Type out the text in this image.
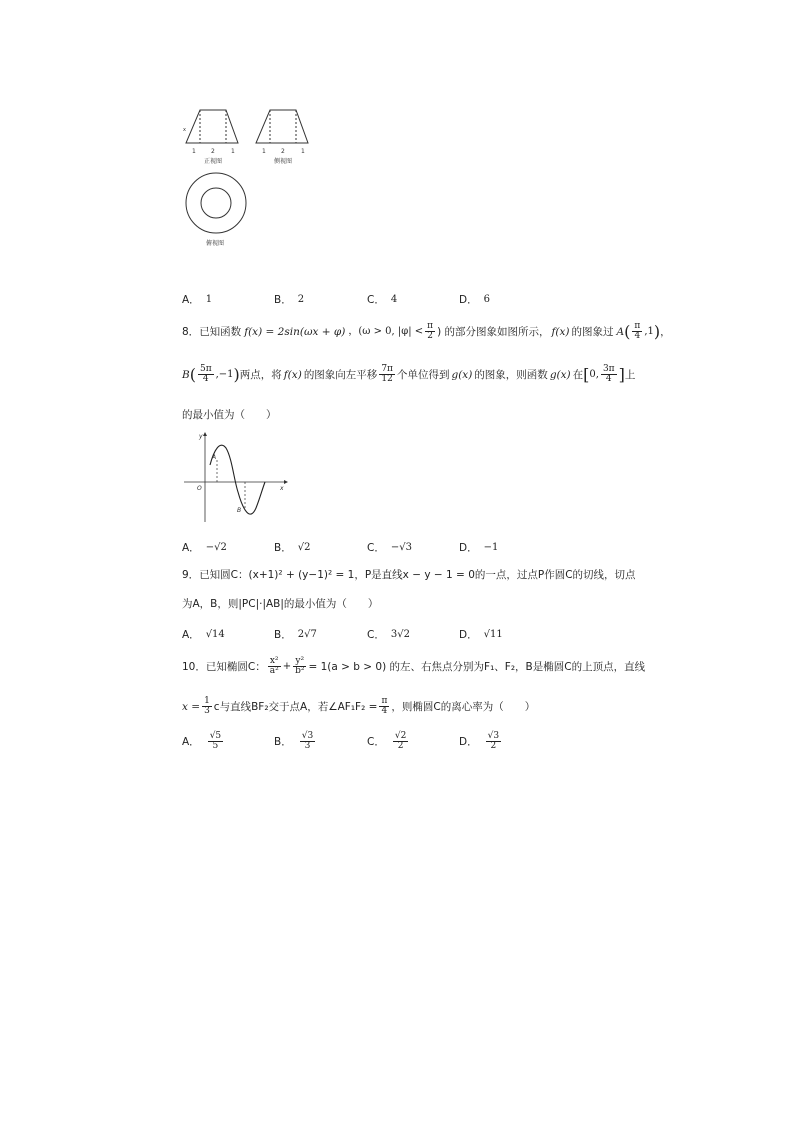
x
1	2	1	1	2	1
正视图	侧视图
俯视图
A． 1	B． 2	C． 4	D． 6
8． 已知函数 f(x) = 2sin(ωx + φ) ，(ω > 0, $|\varphi| < \frac{\pi}{2}$ ) 的部分图象如图所示， f(x) 的图象过 A ( $\frac{\pi}{4} ,1$ ) ，
B ( $\frac{5\pi}{4} ,-1$ ) 两点，将 f(x) 的图象向左平移 $\frac{7\pi}{12}$ 个单位得到 g(x) 的图象，则函数 g(x) 在 [ 0, $\frac{3\pi}{4}$ ] 上
的最小值为（　　）
y
x
O
A
B
A． −√2	B． √2	C． −√3	D． −1
9．已知圆C：(x+1)² + (y−1)² = 1，P是直线x − y − 1 = 0的一点，过点P作圆C的切线，切点
为A，B，则|PC|·|AB|的最小值为（　　）
A． √14	B． 2√7	C． 3√2	D． √11
10． 已知椭圆C： $\frac{\text{x²}}{\text{a²}} + \frac{\text{y²}}{\text{b²}} = 1(a > b > 0)$ 的左、右焦点分别为F₁、F₂，B是椭圆C的上顶点，直线
$x = \frac{1}{3}$ c与直线BF₂交于点A，若∠AF₁F₂ = $\frac{\pi}{4}$ ，则椭圆C的离心率为（　　）
A． $\frac{√5}{5}$	B． $\frac{√3}{3}$	C． $\frac{√2}{2}$	D． $\frac{√3}{2}$
